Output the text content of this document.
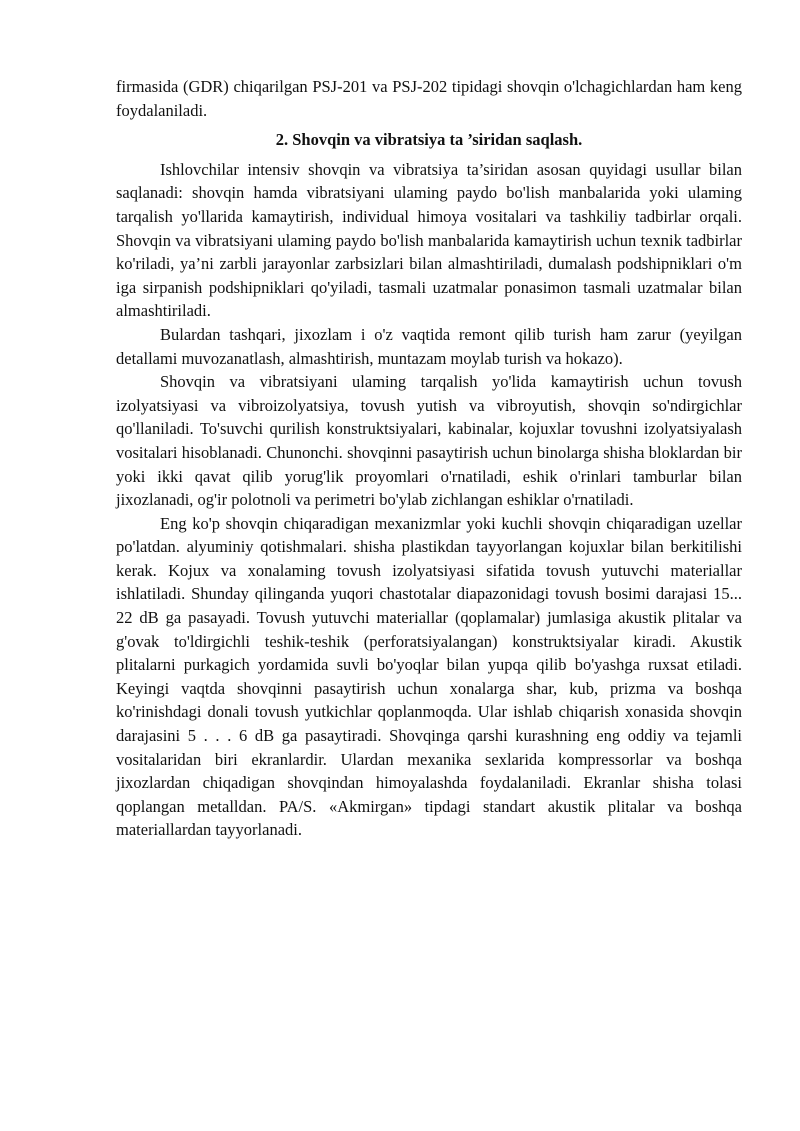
firmasida (GDR) chiqarilgan PSJ-201 va PSJ-202 tipidagi shovqin o'lchagichlardan ham keng foydalaniladi.

2. Shovqin va vibratsiya ta ’siridan saqlash.

Ishlovchilar intensiv shovqin va vibratsiya ta’siridan asosan quyidagi usullar bilan saqlanadi: shovqin hamda vibratsiyani ulaming paydo bo'lish manbalarida yoki ulaming tarqalish yo'llarida kamaytirish, individual himoya vositalari va tashkiliy tadbirlar orqali. Shovqin va vibratsiyani ulaming paydo bo'lish manbalarida kamaytirish uchun texnik tadbirlar ko'riladi, ya’ni zarbli jarayonlar zarbsizlari bilan almashtiriladi, dumalash podshipniklari o'm iga sirpanish podshipniklari qo'yiladi, tasmali uzatmalar ponasimon tasmali uzatmalar bilan almashtiriladi.

Bulardan tashqari, jixozlam i o'z vaqtida remont qilib turish ham zarur (yeyilgan detallami muvozanatlash, almashtirish, muntazam moylab turish va hokazo).

Shovqin va vibratsiyani ulaming tarqalish yo'lida kamaytirish uchun tovush izolyatsiyasi va vibroizolyatsiya, tovush yutish va vibroyutish, shovqin so'ndirgichlar qo'llaniladi. To'suvchi qurilish konstruktsiyalari, kabinalar, kojuxlar tovushni izolyatsiyalash vositalari hisoblanadi. Chunonchi. shovqinni pasaytirish uchun binolarga shisha bloklardan bir yoki ikki qavat qilib yorug'lik proyomlari o'rnatiladi, eshik o'rinlari tamburlar bilan jixozlanadi, og'ir polotnoli va perimetri bo'ylab zichlangan eshiklar o'rnatiladi.

Eng ko'p shovqin chiqaradigan mexanizmlar yoki kuchli shovqin chiqaradigan uzellar po'latdan. alyuminiy qotishmalari. shisha plastikdan tayyorlangan kojuxlar bilan berkitilishi kerak. Kojux va xonalaming tovush izolyatsiyasi sifatida tovush yutuvchi materiallar ishlatiladi. Shunday qilinganda yuqori chastotalar diapazonidagi tovush bosimi darajasi 15... 22 dB ga pasayadi. Tovush yutuvchi materiallar (qoplamalar) jumlasiga akustik plitalar va g'ovak to'ldirgichli teshik-teshik (perforatsiyalangan) konstruktsiyalar kiradi. Akustik plitalarni purkagich yordamida suvli bo'yoqlar bilan yupqa qilib bo'yashga ruxsat etiladi. Keyingi vaqtda shovqinni pasaytirish uchun xonalarga shar, kub, prizma va boshqa ko'rinishdagi donali tovush yutkichlar qoplanmoqda. Ular ishlab chiqarish xonasida shovqin darajasini 5 . . . 6 dB ga pasaytiradi. Shovqinga qarshi kurashning eng oddiy va tejamli vositalaridan biri ekranlardir. Ulardan mexanika sexlarida kompressorlar va boshqa jixozlardan chiqadigan shovqindan himoyalashda foydalaniladi. Ekranlar shisha tolasi qoplangan metalldan. PA/S. «Akmirgan» tipdagi standart akustik plitalar va boshqa materiallardan tayyorlanadi.
